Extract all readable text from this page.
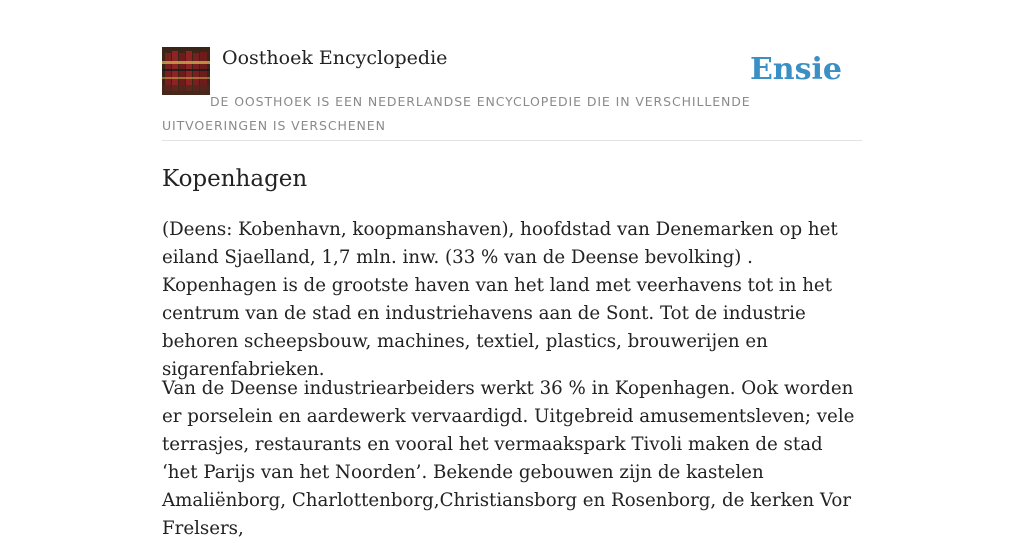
Oosthoek Encyclopedie	Ensie
DE OOSTHOEK IS EEN NEDERLANDSE ENCYCLOPEDIE DIE IN VERSCHILLENDE UITVOERINGEN IS VERSCHENEN
Kopenhagen

(Deens: Kobenhavn, koopmanshaven), hoofdstad van Denemarken op het eiland Sjaelland, 1,7 mln. inw. (33 % van de Deense bevolking) . Kopenhagen is de grootste haven van het land met veerhavens tot in het centrum van de stad en industriehavens aan de Sont. Tot de industrie behoren scheepsbouw, machines, textiel, plastics, brouwerijen en sigarenfabrieken.

Van de Deense industriearbeiders werkt 36 % in Kopenhagen. Ook worden er porselein en aardewerk vervaardigd. Uitgebreid amusementsleven; vele terrasjes, restaurants en vooral het vermaakspark Tivoli maken de stad ‘het Parijs van het Noorden’. Bekende gebouwen zijn de kastelen Amaliënborg, Charlottenborg,Christiansborg en Rosenborg, de kerken Vor Frelsers,
